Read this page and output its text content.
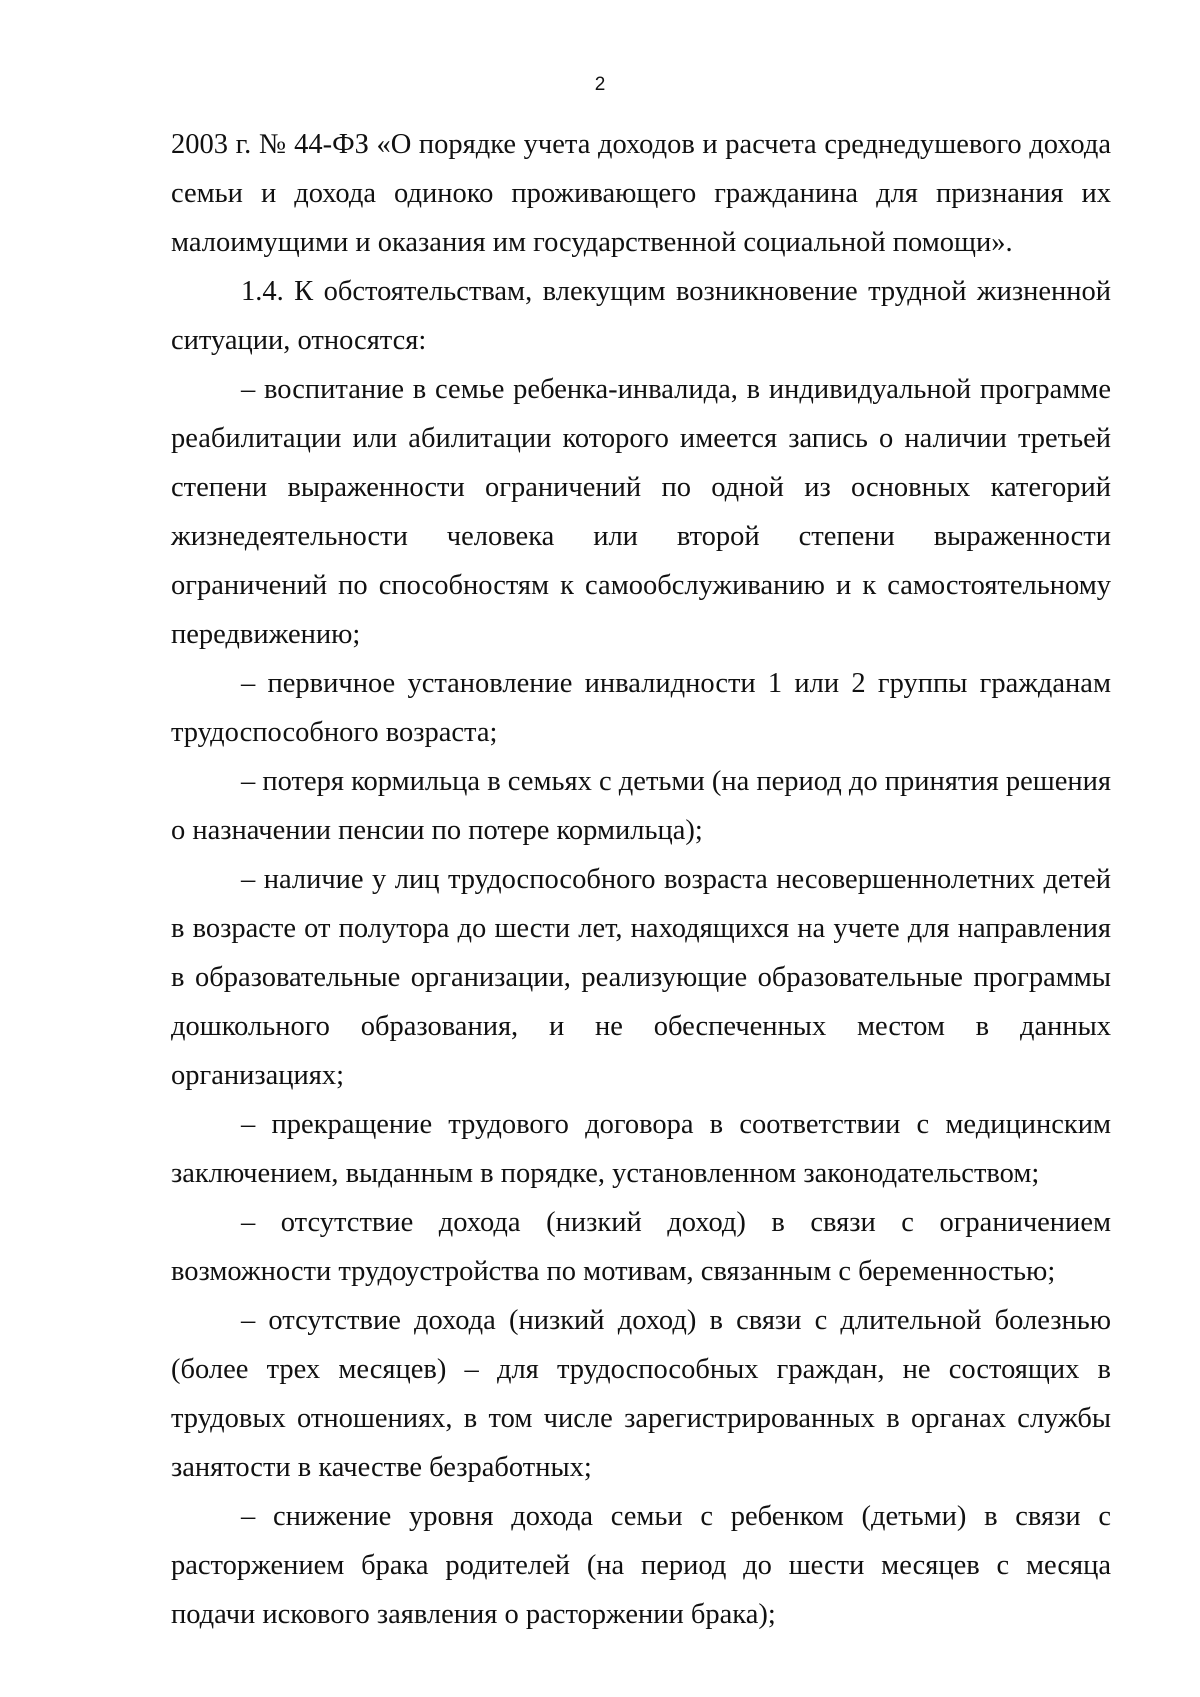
2

2003 г. № 44-ФЗ «О порядке учета доходов и расчета среднедушевого дохода семьи и дохода одиноко проживающего гражданина для признания их малоимущими и оказания им государственной социальной помощи».

1.4. К обстоятельствам, влекущим возникновение трудной жизненной ситуации, относятся:

– воспитание в семье ребенка-инвалида, в индивидуальной программе реабилитации или абилитации которого имеется запись о наличии третьей степени выраженности ограничений по одной из основных категорий жизнедеятельности человека или второй степени выраженности ограничений по способностям к самообслуживанию и к самостоятельному передвижению;

– первичное установление инвалидности 1 или 2 группы гражданам трудоспособного возраста;

– потеря кормильца в семьях с детьми (на период до принятия решения о назначении пенсии по потере кормильца);

– наличие у лиц трудоспособного возраста несовершеннолетних детей в возрасте от полутора до шести лет, находящихся на учете для направления в образовательные организации, реализующие образовательные программы дошкольного образования, и не обеспеченных местом в данных организациях;

– прекращение трудового договора в соответствии с медицинским заключением, выданным в порядке, установленном законодательством;

– отсутствие дохода (низкий доход) в связи с ограничением возможности трудоустройства по мотивам, связанным с беременностью;

– отсутствие дохода (низкий доход) в связи с длительной болезнью (более трех месяцев) – для трудоспособных граждан, не состоящих в трудовых отношениях, в том числе зарегистрированных в органах службы занятости в качестве безработных;

– снижение уровня дохода семьи с ребенком (детьми) в связи с расторжением брака родителей (на период до шести месяцев с месяца подачи искового заявления о расторжении брака);
